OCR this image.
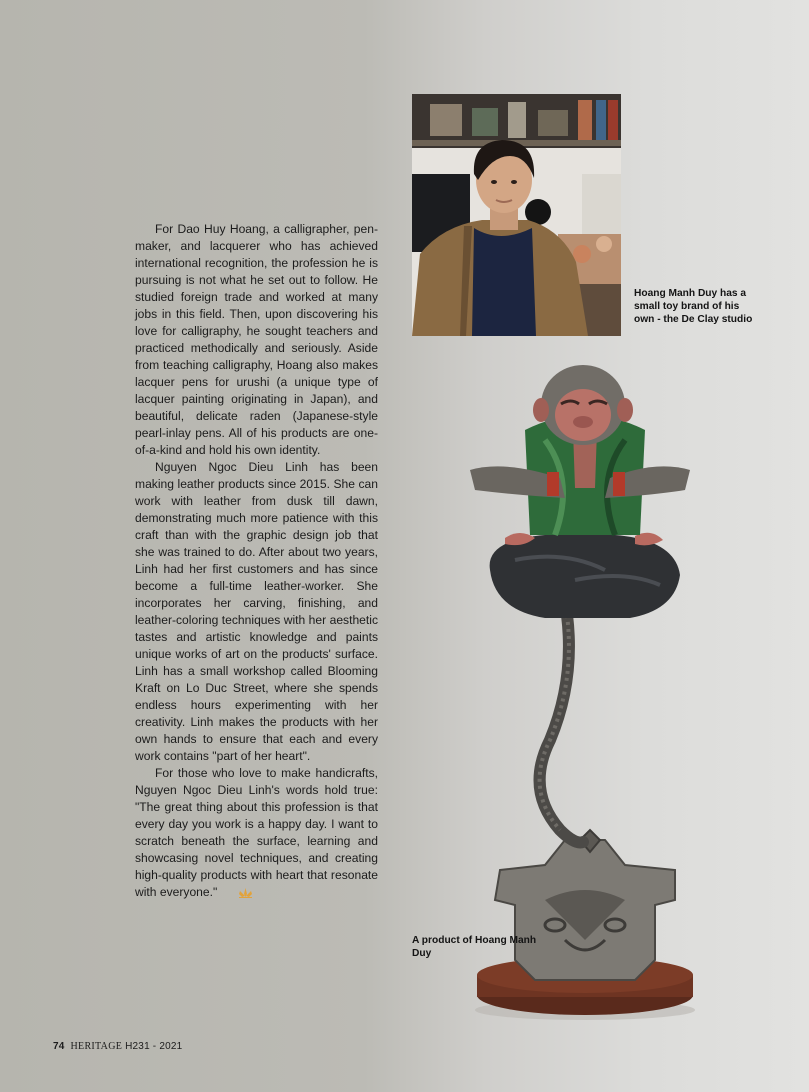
Hoang Manh Duy has a small toy brand of his own - the De Clay studio

For Dao Huy Hoang, a calligrapher, pen-maker, and lacquerer who has achieved international recognition, the profession he is pursuing is not what he set out to follow. He studied foreign trade and worked at many jobs in this field. Then, upon discovering his love for calligraphy, he sought teachers and practiced methodically and seriously. Aside from teaching calligraphy, Hoang also makes lacquer pens for urushi (a unique type of lacquer painting originating in Japan), and beautiful, delicate raden (Japanese-style pearl-inlay pens. All of his products are one-of-a-kind and hold his own identity.

Nguyen Ngoc Dieu Linh has been making leather products since 2015. She can work with leather from dusk till dawn, demonstrating much more patience with this craft than with the graphic design job that she was trained to do. After about two years, Linh had her first customers and has since become a full-time leather-worker. She incorporates her carving, finishing, and leather-coloring techniques with her aesthetic tastes and artistic knowledge and paints unique works of art on the products' surface. Linh has a small workshop called Blooming Kraft on Lo Duc Street, where she spends endless hours experimenting with her creativity. Linh makes the products with her own hands to ensure that each and every work contains "part of her heart".

For those who love to make handicrafts, Nguyen Ngoc Dieu Linh's words hold true: "The great thing about this profession is that every day you work is a happy day. I want to scratch beneath the surface, learning and showcasing novel techniques, and creating high-quality products with heart that resonate with everyone."

A product of Hoang Manh Duy
74 HERITAGE H231 - 2021
